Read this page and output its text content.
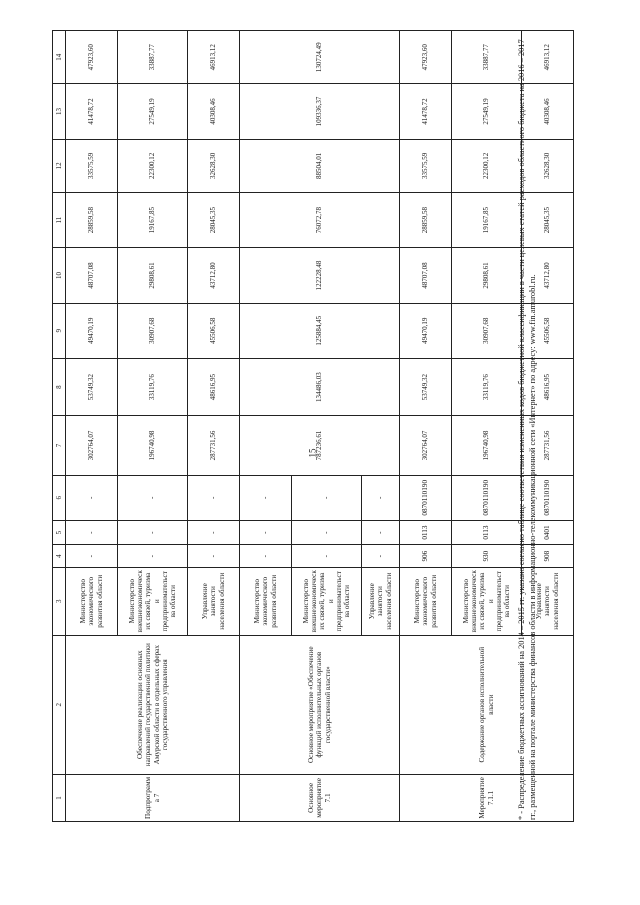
15
1	2	3	4	5	6	7	8	9	10	11	12	13	14
Подпрограмма 7	Обеспечение реализации основных направлений государственной политики Амурской области в отдельных сферах государственного управления	Министерство экономического развития области	-	-	-	302764,07	53749,32	49470,19	48707,08	28859,58	33575,59	41478,72	47923,60
		Министерство внешнеэкономических связей, туризма и предпринимательства области	-	-	-	196740,98	33119,76	30907,68	29808,61	19167,85	22300,12	27549,19	33887,77
		Управление занятости населения области	-	-	-	287731,56	48616,95	45506,58	43712,80	28045,35	32628,30	40308,46	46913,12
Основное мероприятие 7.1	Основное мероприятие «Обеспечение функций исполнительных органов государственной власти»	Министерство экономического развития области	-	-	-	787236,61	134486,03	125884,45	122228,48	76072,78	88504,01	109336,37	130724,49
		Министерство внешнеэкономических связей, туризма и предпринимательства области	-	-	-								
		Управление занятости населения области	-	-	-								
Мероприятие 7.1.1	Содержание органов исполнительной власти	Министерство экономического развития области	906	0113	0870110190	302764,07	53749,32	49470,19	48707,08	28859,58	33575,59	41478,72	47923,60
		Министерство внешнеэкономических связей, туризма и предпринимательства области	930	0113	0870110190	196740,98	33119,76	30907,68	29808,61	19167,85	22300,12	27549,19	33887,77
		Управление занятости населения области	908	0401	0870110190	287731,56	48616,95	45506,58	43712,80	28045,35	32628,30	40308,46	46913,12
* - Распределение бюджетных ассигнований на 2014 – 2015 гг. указано согласно таблице соответствия измененных кодов бюджетной классификации в части целевых статей расходов областного бюджета на 2016 – 2017 гг., размещенной на портале министерства финансов области в информационно-телекоммуникационной сети «Интернет» по адресу: www.fin.amurobl.ru.
